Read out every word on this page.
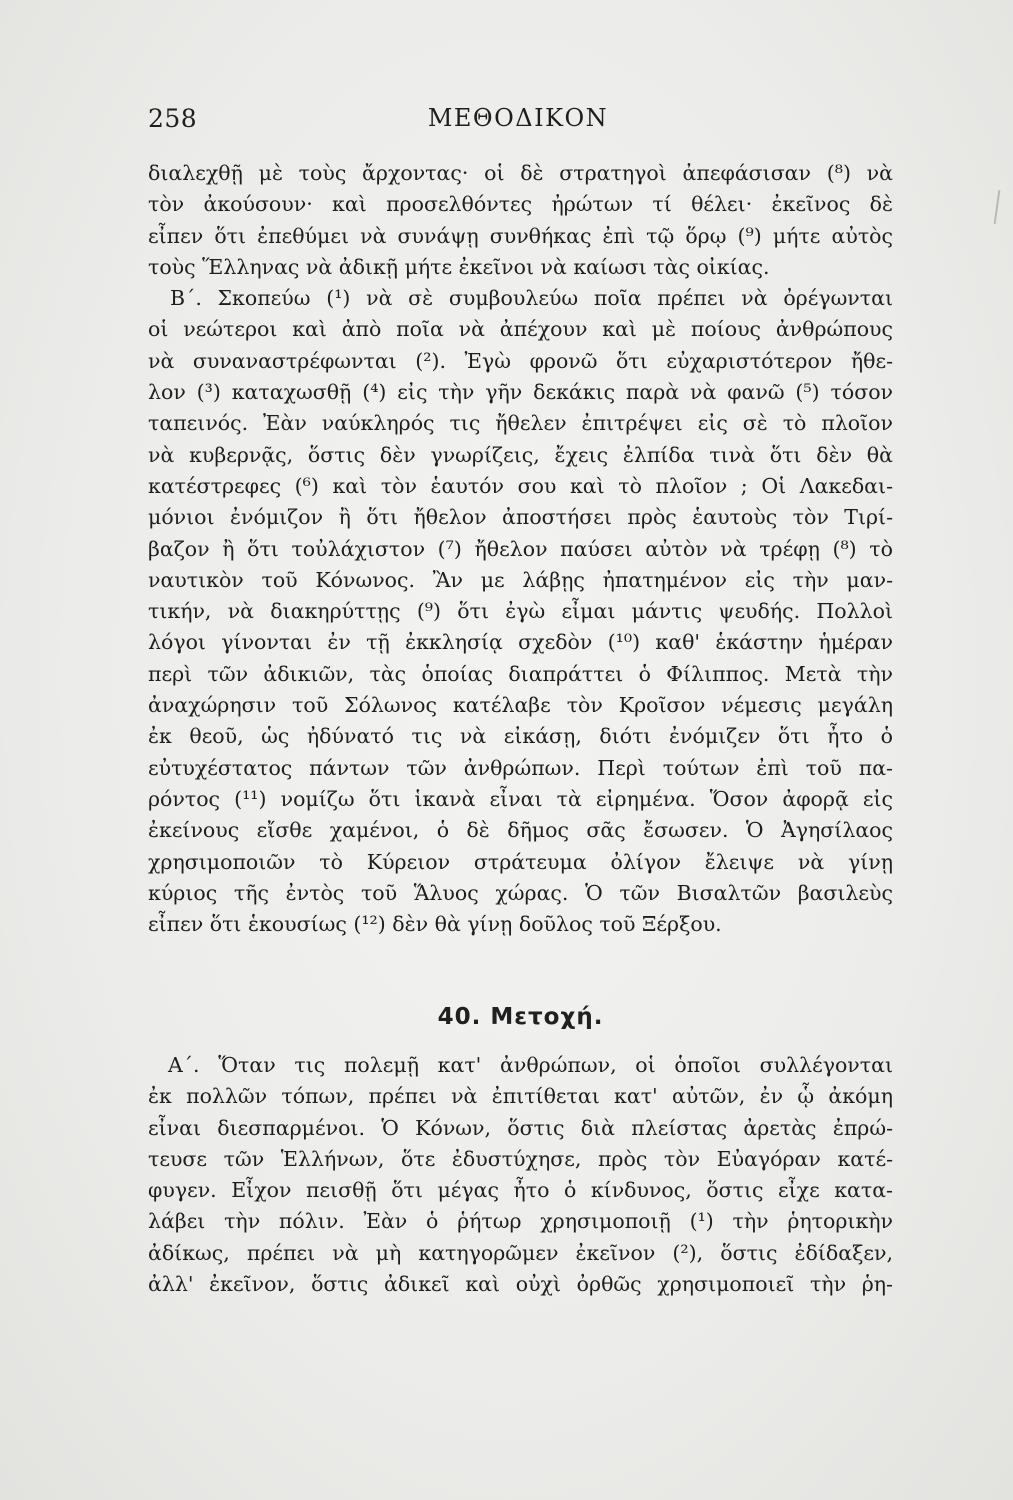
258	ΜΕΘΟΔΙΚΟΝ
διαλεχθῇ μὲ τοὺς ἄρχοντας· οἱ δὲ στρατηγοὶ ἀπεφάσισαν (⁸) νὰ
τὸν ἀκούσουν· καὶ προσελθόντες ἠρώτων τί θέλει· ἐκεῖνος δὲ
εἶπεν ὅτι ἐπεθύμει νὰ συνάψῃ συνθήκας ἐπὶ τῷ ὅρῳ (⁹) μήτε αὐτὸς
τοὺς Ἕλληνας νὰ ἀδικῇ μήτε ἐκεῖνοι νὰ καίωσι τὰς οἰκίας.
Β΄. Σκοπεύω (¹) νὰ σὲ συμβουλεύω ποῖα πρέπει νὰ ὀρέγωνται
οἱ νεώτεροι καὶ ἀπὸ ποῖα νὰ ἀπέχουν καὶ μὲ ποίους ἀνθρώπους
νὰ συναναστρέφωνται (²). Ἐγὼ φρονῶ ὅτι εὐχαριστότερον ἤθε-
λον (³) καταχωσθῇ (⁴) εἰς τὴν γῆν δεκάκις παρὰ νὰ φανῶ (⁵) τόσον
ταπεινός. Ἐὰν ναύκληρός τις ἤθελεν ἐπιτρέψει εἰς σὲ τὸ πλοῖον
νὰ κυβερνᾷς, ὅστις δὲν γνωρίζεις, ἔχεις ἐλπίδα τινὰ ὅτι δὲν θὰ
κατέστρεφες (⁶) καὶ τὸν ἑαυτόν σου καὶ τὸ πλοῖον ; Οἱ Λακεδαι-
μόνιοι ἐνόμιζον ἢ ὅτι ἤθελον ἀποστήσει πρὸς ἑαυτοὺς τὸν Τιρί-
βαζον ἢ ὅτι τοὐλάχιστον (⁷) ἤθελον παύσει αὐτὸν νὰ τρέφῃ (⁸) τὸ
ναυτικὸν τοῦ Κόνωνος. Ἂν με λάβῃς ἠπατημένον εἰς τὴν μαν-
τικήν, νὰ διακηρύττῃς (⁹) ὅτι ἐγὼ εἶμαι μάντις ψευδής. Πολλοὶ
λόγοι γίνονται ἐν τῇ ἐκκλησίᾳ σχεδὸν (¹⁰) καθ' ἑκάστην ἡμέραν
περὶ τῶν ἀδικιῶν, τὰς ὁποίας διαπράττει ὁ Φίλιππος. Μετὰ τὴν
ἀναχώρησιν τοῦ Σόλωνος κατέλαβε τὸν Κροῖσον νέμεσις μεγάλη
ἐκ θεοῦ, ὡς ἠδύνατό τις νὰ εἰκάσῃ, διότι ἐνόμιζεν ὅτι ἦτο ὁ
εὐτυχέστατος πάντων τῶν ἀνθρώπων. Περὶ τούτων ἐπὶ τοῦ πα-
ρόντος (¹¹) νομίζω ὅτι ἱκανὰ εἶναι τὰ εἰρημένα. Ὅσον ἀφορᾷ εἰς
ἐκείνους εἴσθε χαμένοι, ὁ δὲ δῆμος σᾶς ἔσωσεν. Ὁ Ἀγησίλαος
χρησιμοποιῶν τὸ Κύρειον στράτευμα ὀλίγον ἔλειψε νὰ γίνῃ
κύριος τῆς ἐντὸς τοῦ Ἅλυος χώρας. Ὁ τῶν Βισαλτῶν βασιλεὺς
εἶπεν ὅτι ἑκουσίως (¹²) δὲν θὰ γίνῃ δοῦλος τοῦ Ξέρξου.
40. Μετοχή.
Α΄. Ὅταν τις πολεμῇ κατ' ἀνθρώπων, οἱ ὁποῖοι συλλέγονται
ἐκ πολλῶν τόπων, πρέπει νὰ ἐπιτίθεται κατ' αὐτῶν, ἐν ᾧ ἀκόμη
εἶναι διεσπαρμένοι. Ὁ Κόνων, ὅστις διὰ πλείστας ἀρετὰς ἐπρώ-
τευσε τῶν Ἑλλήνων, ὅτε ἐδυστύχησε, πρὸς τὸν Εὐαγόραν κατέ-
φυγεν. Εἶχον πεισθῇ ὅτι μέγας ἦτο ὁ κίνδυνος, ὅστις εἶχε κατα-
λάβει τὴν πόλιν. Ἐὰν ὁ ῥήτωρ χρησιμοποιῇ (¹) τὴν ῥητορικὴν
ἀδίκως, πρέπει νὰ μὴ κατηγορῶμεν ἐκεῖνον (²), ὅστις ἐδίδαξεν,
ἀλλ' ἐκεῖνον, ὅστις ἀδικεῖ καὶ οὐχὶ ὀρθῶς χρησιμοποιεῖ τὴν ῥη-
